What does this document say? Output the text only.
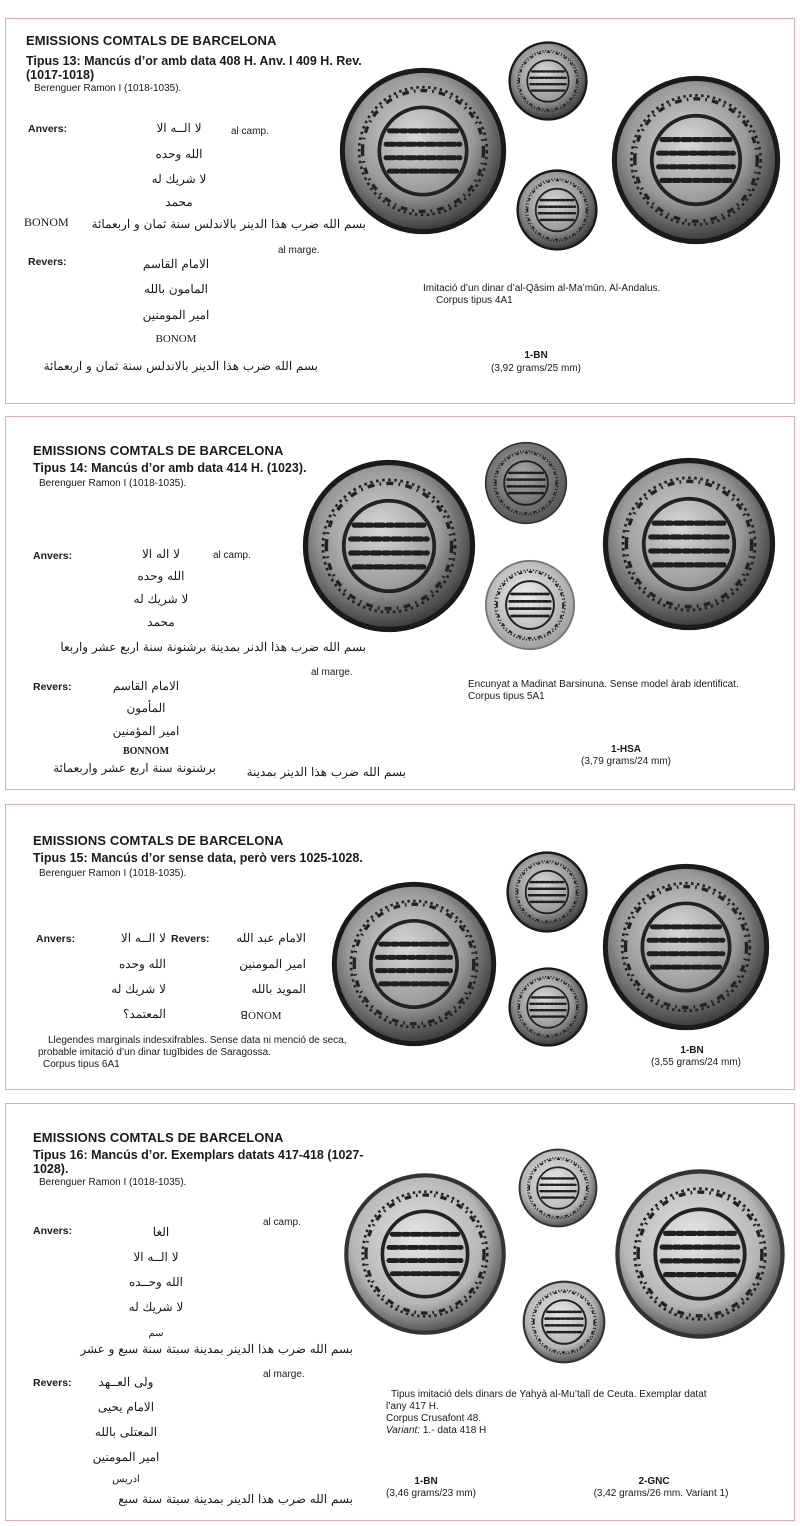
EMISSIONS COMTALS DE BARCELONA
Tipus 13: Mancús d’or amb data 408 H. Anv. I 409 H. Rev.
(1017-1018)
Berenguer Ramon I (1018-1035).
Anvers:	لا الــه الا	al camp.
الله وحده
لا شريك له
محمد
BONOM	بسم الله ضرب هذا الدينر بالاندلس سنة ثمان و اربعمائة
al marge.
Revers:	الامام القاسم
المامون بالله
امير المومنين
BONOM
بسم الله ضرب هذا الدينر بالاندلس سنة ثمان و اربعمائة
Imitació d’un dinar d’al-Qāsim al-Ma’mūn. Al-Andalus.
Corpus tipus 4A1
1-BN
(3,92 grams/25 mm)
EMISSIONS COMTALS DE BARCELONA
Tipus 14: Mancús d’or amb data 414 H. (1023).
Berenguer Ramon I (1018-1035).
Anvers:	لا اله الا	al camp.
الله وحده
لا شريك له
محمد
بسم الله ضرب هذا الدنر بمدينة برشنونة سنة اربع عشر واربعا
al marge.
Revers:	الامام القاسم
المأمون
امير المؤمنين
BONNOM
برشنونة سنة اربع عشر واربعمائة	بسم الله ضرب هذا الدينر بمدينة
Encunyat a Madinat Barsinuna. Sense model àrab identificat.
Corpus tipus 5A1
1-HSA
(3,79 grams/24 mm)
EMISSIONS COMTALS DE BARCELONA
Tipus 15: Mancús d’or sense data, però vers 1025-1028.
Berenguer Ramon I (1018-1035).
Anvers:	لا الــه الا
الله وحده
لا شريك له
المعتمد؟
Revers:	الامام عبد الله
امير المومنين
المويد بالله
ꓭONOM
Llegendes marginals indesxifrables. Sense data ni menció de seca,
probable imitació d’un dinar tugībides de Saragossa.
Corpus tipus 6A1
1-BN
(3,55 grams/24 mm)
EMISSIONS COMTALS DE BARCELONA
Tipus 16: Mancús d’or. Exemplars datats 417-418 (1027-
1028).
Berenguer Ramon I (1018-1035).
Anvers:	الغا
al camp.
لا الــه الا
الله وحــده
لا شريك له
سم
بسم الله ضرب هذا الدينر بمدينة سبتة سنة سبع و عشر
al marge.
Revers:	ولى العــهد
الامام يحيى
المعتلى بالله
امير المومنين
ادريس
بسم الله ضرب هذا الدينر بمدينة سبتة سنة سبع
Tipus imitació dels dinars de Yahyà al-Mu’talī de Ceuta. Exemplar datat
l’any 417 H.
Corpus Crusafont 48.
Variant: 1.- data 418 H
1-BN
(3,46 grams/23 mm)
2-GNC
(3,42 grams/26 mm. Variant 1)
